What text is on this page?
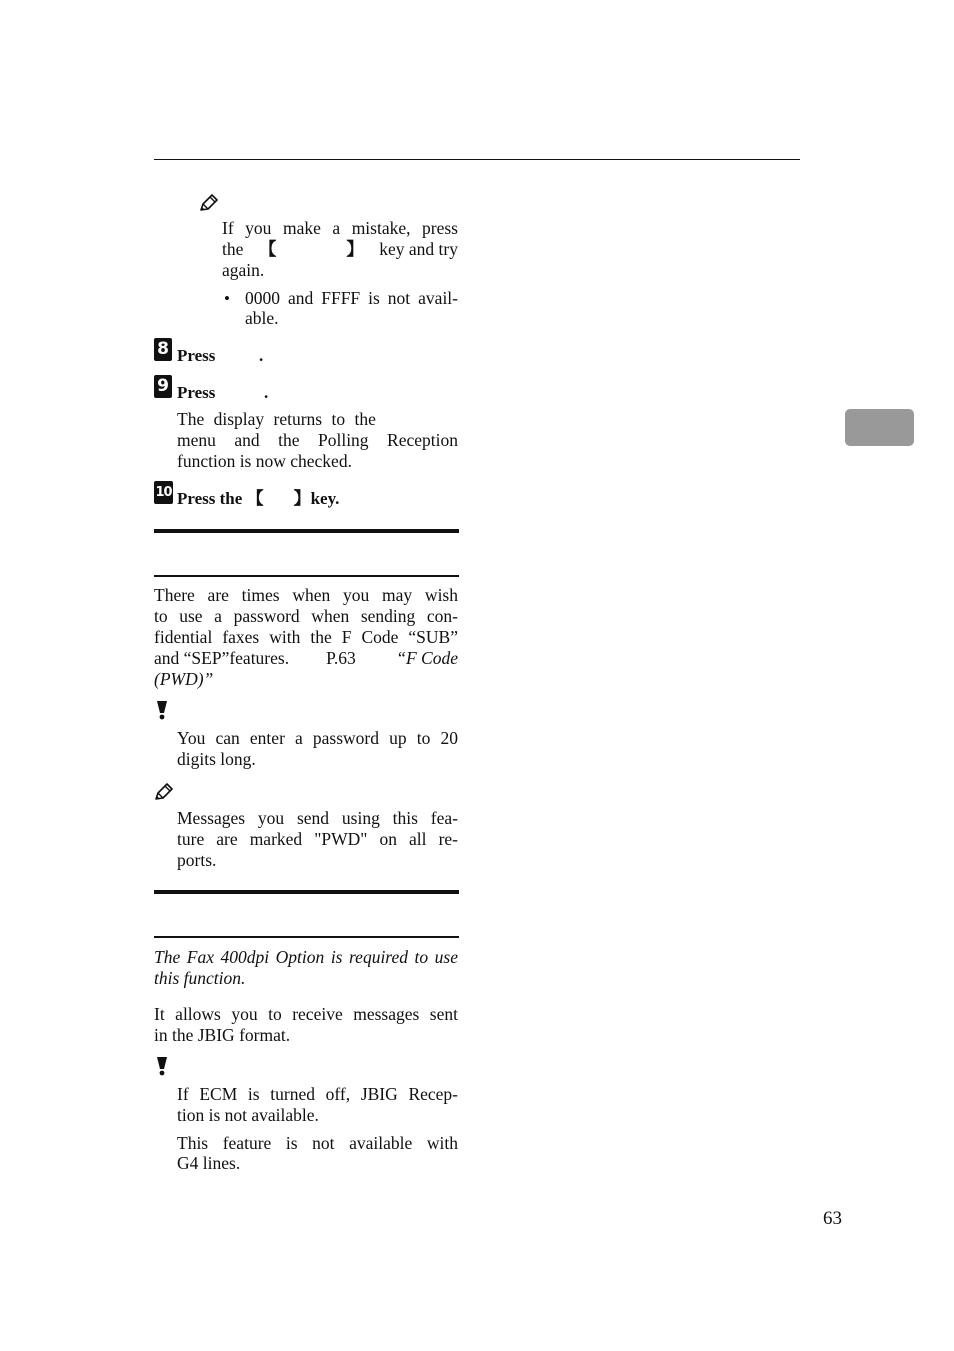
If you make a mistake, press
the 【	】 key and try
again.
• 0000 and FFFF is not avail-
able.
8 Press	.
9 Press	.
The display returns to the
menu and the Polling Reception
function is now checked.
10 Press the 【 】key.
There are times when you may wish
to use a password when sending con-
fidential faxes with the F Code “SUB”
and “SEP”features. P.63	“F Code
(PWD)”
You can enter a password up to 20
digits long.
Messages you send using this fea-
ture are marked "PWD" on all re-
ports.
The Fax 400dpi Option is required to use
this function.
It allows you to receive messages sent
in the JBIG format.
If ECM is turned off, JBIG Recep-
tion is not available.
This feature is not available with
G4 lines.
63
